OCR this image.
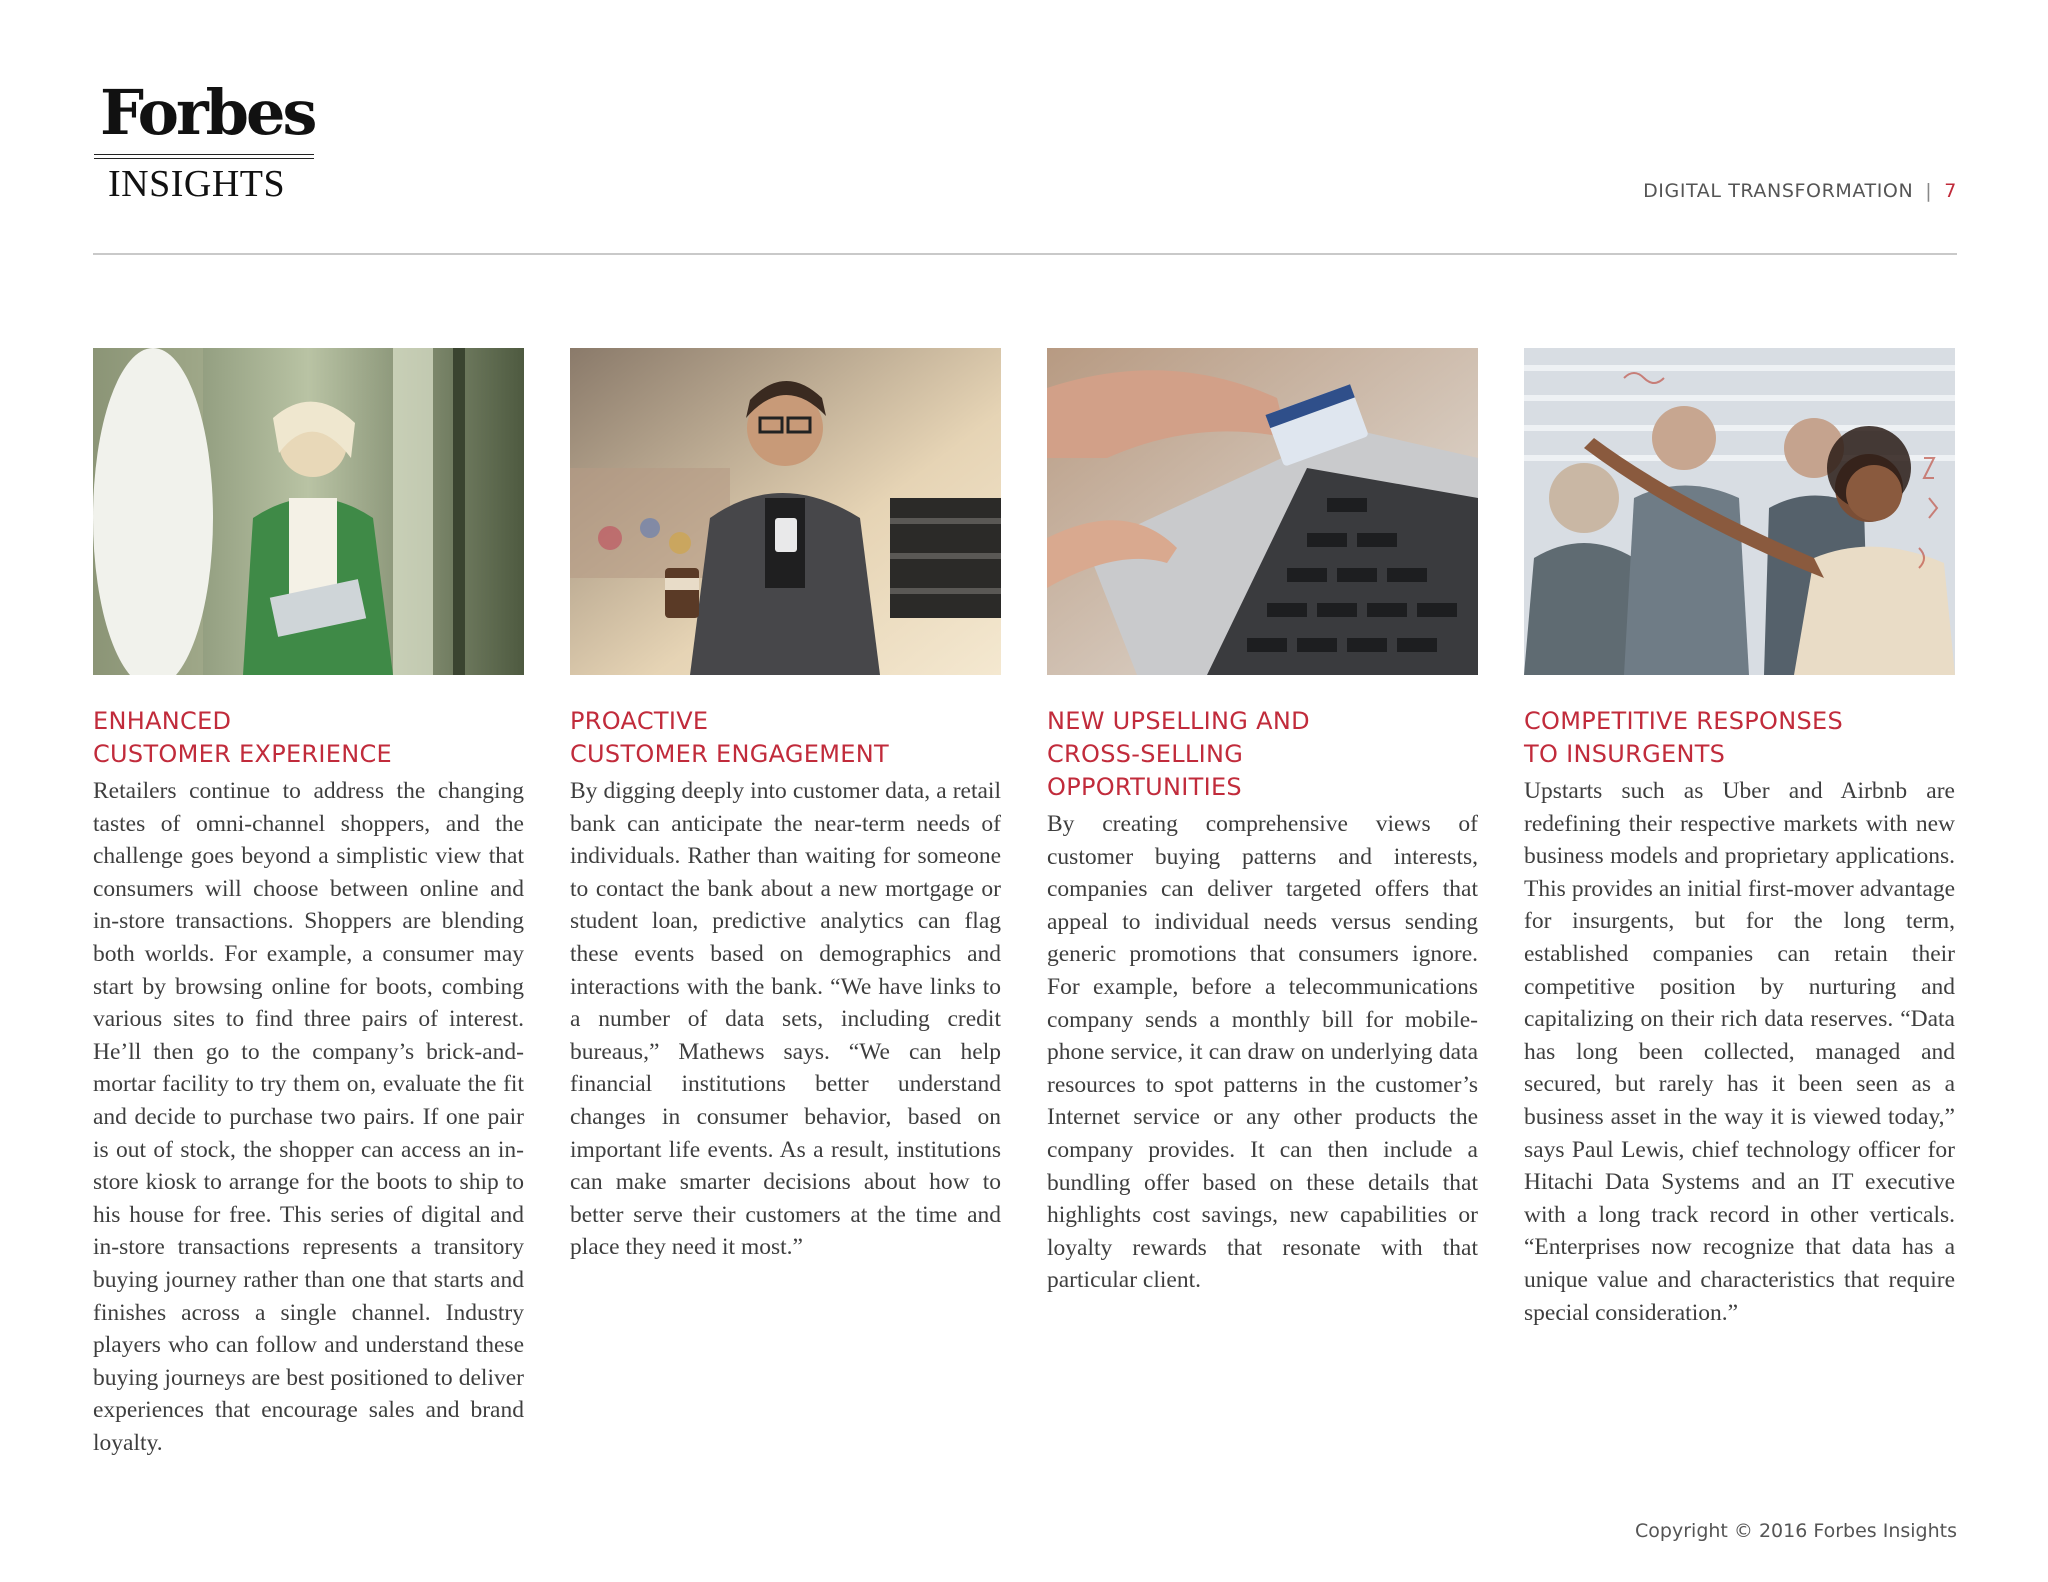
Forbes
INSIGHTS	DIGITAL TRANSFORMATION | 7
ENHANCED
CUSTOMER EXPERIENCE
Retailers continue to address the changing tastes of omni-channel shoppers, and the challenge goes beyond a simplistic view that consumers will choose between online and in-store transactions. Shoppers are blending both worlds. For example, a consumer may start by browsing online for boots, combing various sites to find three pairs of interest. He’ll then go to the company’s brick-and-mortar facility to try them on, evaluate the fit and decide to purchase two pairs. If one pair is out of stock, the shopper can access an in-store kiosk to arrange for the boots to ship to his house for free. This series of digital and in-store transactions represents a transitory buying journey rather than one that starts and finishes across a single channel. Industry players who can follow and understand these buying journeys are best positioned to deliver experiences that encourage sales and brand loyalty.
PROACTIVE
CUSTOMER ENGAGEMENT
By digging deeply into customer data, a retail bank can anticipate the near-term needs of individuals. Rather than waiting for someone to contact the bank about a new mortgage or student loan, predictive analytics can flag these events based on demographics and interactions with the bank. “We have links to a number of data sets, including credit bureaus,” Mathews says. “We can help financial institutions better understand changes in consumer behavior, based on important life events. As a result, institutions can make smarter decisions about how to better serve their customers at the time and place they need it most.”
NEW UPSELLING AND
CROSS-SELLING
OPPORTUNITIES
By creating comprehensive views of customer buying patterns and interests, companies can deliver targeted offers that appeal to individual needs versus sending generic promotions that consumers ignore. For example, before a telecommunications company sends a monthly bill for mobile-phone service, it can draw on underlying data resources to spot patterns in the customer’s Internet service or any other products the company provides. It can then include a bundling offer based on these details that highlights cost savings, new capabilities or loyalty rewards that resonate with that particular client.
COMPETITIVE RESPONSES
TO INSURGENTS
Upstarts such as Uber and Airbnb are redefining their respective markets with new business models and proprietary applications. This provides an initial first-mover advantage for insurgents, but for the long term, established companies can retain their competitive position by nurturing and capitalizing on their rich data reserves. “Data has long been collected, managed and secured, but rarely has it been seen as a business asset in the way it is viewed today,” says Paul Lewis, chief technology officer for Hitachi Data Systems and an IT executive with a long track record in other verticals. “Enterprises now recognize that data has a unique value and characteristics that require special consideration.”
Copyright © 2016 Forbes Insights
